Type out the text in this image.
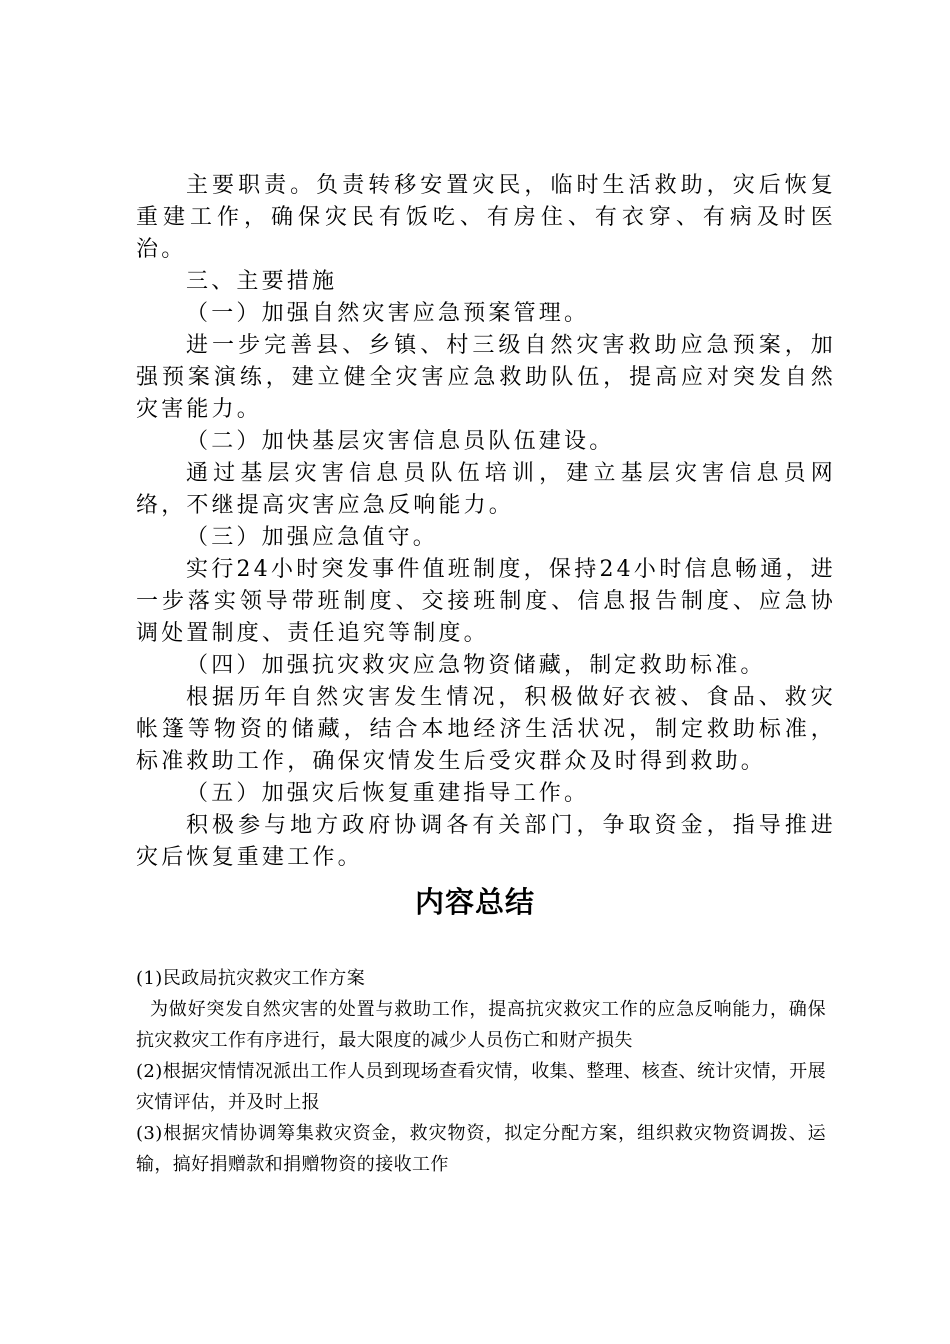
主要职责。负责转移安置灾民，临时生活救助，灾后恢复重建工作，确保灾民有饭吃、有房住、有衣穿、有病及时医治。

三、主要措施

（一）加强自然灾害应急预案管理。

进一步完善县、乡镇、村三级自然灾害救助应急预案，加强预案演练，建立健全灾害应急救助队伍，提高应对突发自然灾害能力。

（二）加快基层灾害信息员队伍建设。

通过基层灾害信息员队伍培训，建立基层灾害信息员网络，不继提高灾害应急反响能力。

（三）加强应急值守。

实行24小时突发事件值班制度，保持24小时信息畅通，进一步落实领导带班制度、交接班制度、信息报告制度、应急协调处置制度、责任追究等制度。

（四）加强抗灾救灾应急物资储藏，制定救助标准。

根据历年自然灾害发生情况，积极做好衣被、食品、救灾帐篷等物资的储藏，结合本地经济生活状况，制定救助标准，标准救助工作，确保灾情发生后受灾群众及时得到救助。

（五）加强灾后恢复重建指导工作。

积极参与地方政府协调各有关部门，争取资金，指导推进灾后恢复重建工作。

内容总结

(1)民政局抗灾救灾工作方案

为做好突发自然灾害的处置与救助工作，提高抗灾救灾工作的应急反响能力，确保抗灾救灾工作有序进行，最大限度的减少人员伤亡和财产损失

(2)根据灾情情况派出工作人员到现场查看灾情，收集、整理、核查、统计灾情，开展灾情评估，并及时上报

(3)根据灾情协调筹集救灾资金，救灾物资，拟定分配方案，组织救灾物资调拨、运输，搞好捐赠款和捐赠物资的接收工作
